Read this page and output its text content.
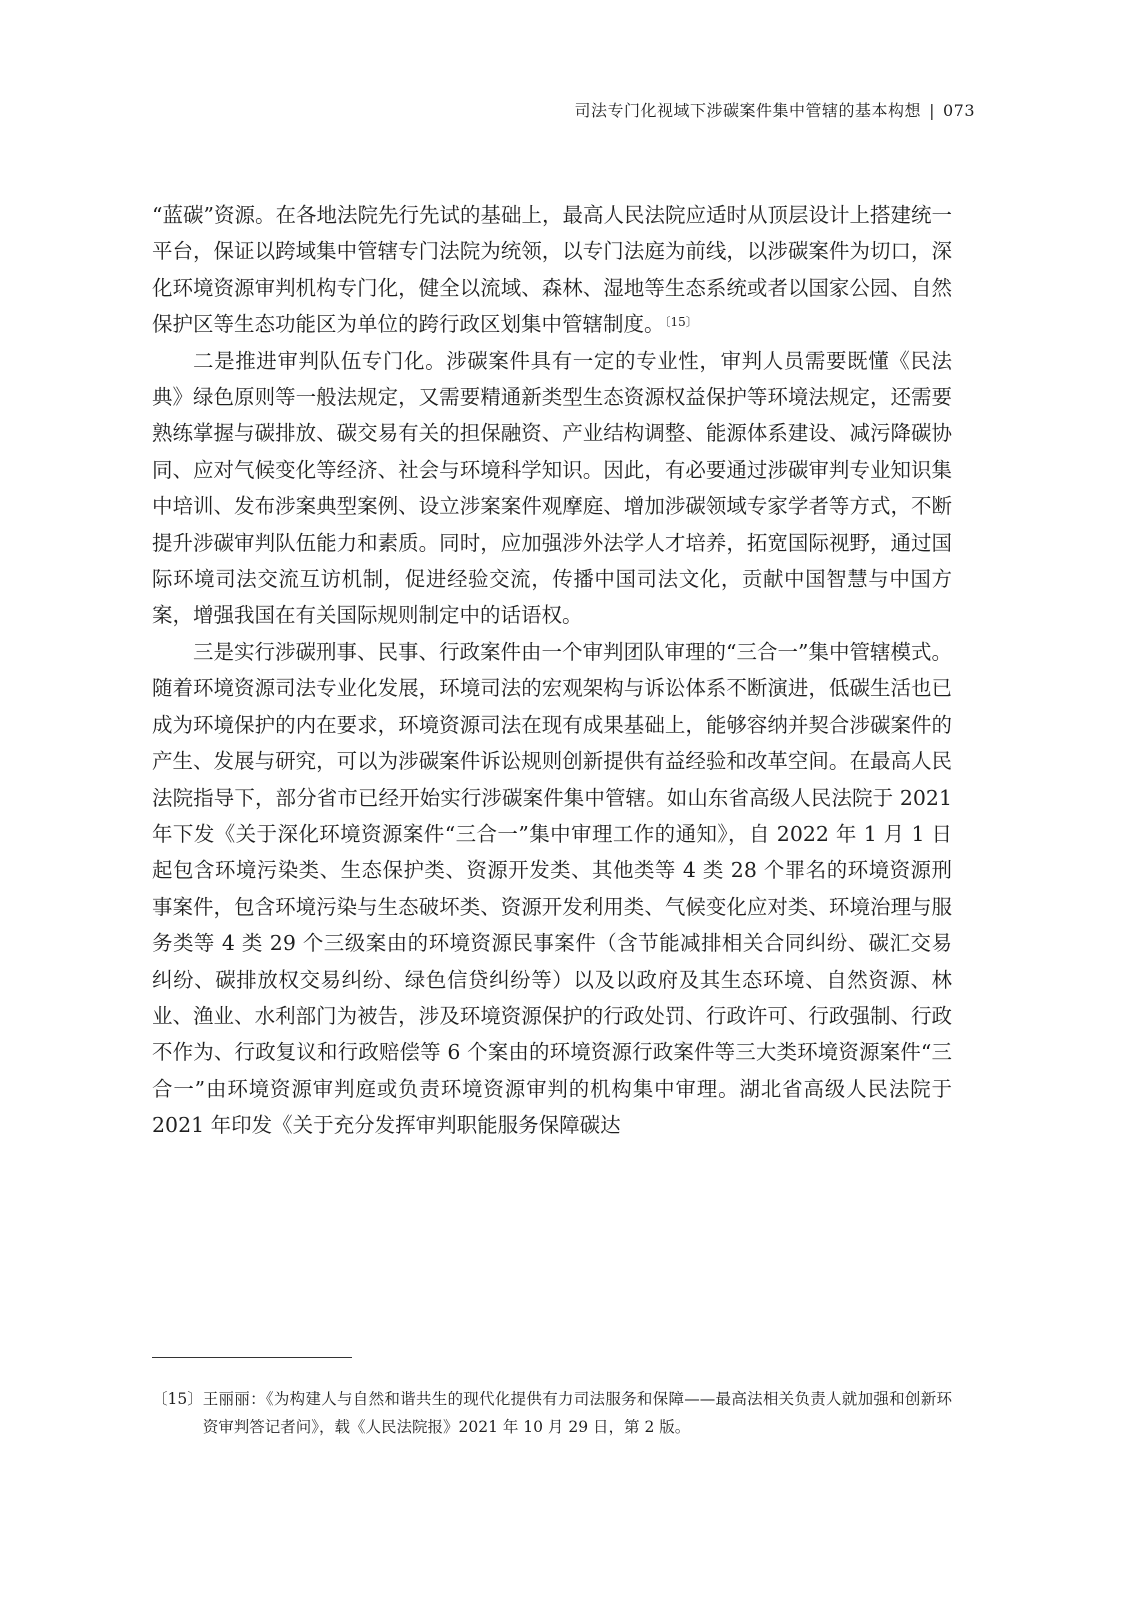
司法专门化视域下涉碳案件集中管辖的基本构想 | 073

“蓝碳”资源。在各地法院先行先试的基础上，最高人民法院应适时从顶层设计上搭建统一平台，保证以跨域集中管辖专门法院为统领，以专门法庭为前线，以涉碳案件为切口，深化环境资源审判机构专门化，健全以流域、森林、湿地等生态系统或者以国家公园、自然保护区等生态功能区为单位的跨行政区划集中管辖制度。$^{〔15〕}$

二是推进审判队伍专门化。涉碳案件具有一定的专业性，审判人员需要既懂《民法典》绿色原则等一般法规定，又需要精通新类型生态资源权益保护等环境法规定，还需要熟练掌握与碳排放、碳交易有关的担保融资、产业结构调整、能源体系建设、减污降碳协同、应对气候变化等经济、社会与环境科学知识。因此，有必要通过涉碳审判专业知识集中培训、发布涉案典型案例、设立涉案案件观摩庭、增加涉碳领域专家学者等方式，不断提升涉碳审判队伍能力和素质。同时，应加强涉外法学人才培养，拓宽国际视野，通过国际环境司法交流互访机制，促进经验交流，传播中国司法文化，贡献中国智慧与中国方案，增强我国在有关国际规则制定中的话语权。

三是实行涉碳刑事、民事、行政案件由一个审判团队审理的“三合一”集中管辖模式。随着环境资源司法专业化发展，环境司法的宏观架构与诉讼体系不断演进，低碳生活也已成为环境保护的内在要求，环境资源司法在现有成果基础上，能够容纳并契合涉碳案件的产生、发展与研究，可以为涉碳案件诉讼规则创新提供有益经验和改革空间。在最高人民法院指导下，部分省市已经开始实行涉碳案件集中管辖。如山东省高级人民法院于 2021 年下发《关于深化环境资源案件“三合一”集中审理工作的通知》，自 2022 年 1 月 1 日起包含环境污染类、生态保护类、资源开发类、其他类等 4 类 28 个罪名的环境资源刑事案件，包含环境污染与生态破坏类、资源开发利用类、气候变化应对类、环境治理与服务类等 4 类 29 个三级案由的环境资源民事案件（含节能减排相关合同纠纷、碳汇交易纠纷、碳排放权交易纠纷、绿色信贷纠纷等）以及以政府及其生态环境、自然资源、林业、渔业、水利部门为被告，涉及环境资源保护的行政处罚、行政许可、行政强制、行政不作为、行政复议和行政赔偿等 6 个案由的环境资源行政案件等三大类环境资源案件“三合一”由环境资源审判庭或负责环境资源审判的机构集中审理。湖北省高级人民法院于 2021 年印发《关于充分发挥审判职能服务保障碳达

〔15〕 王丽丽：《为构建人与自然和谐共生的现代化提供有力司法服务和保障——最高法相关负责人就加强和创新环资审判答记者问》，载《人民法院报》2021 年 10 月 29 日，第 2 版。
